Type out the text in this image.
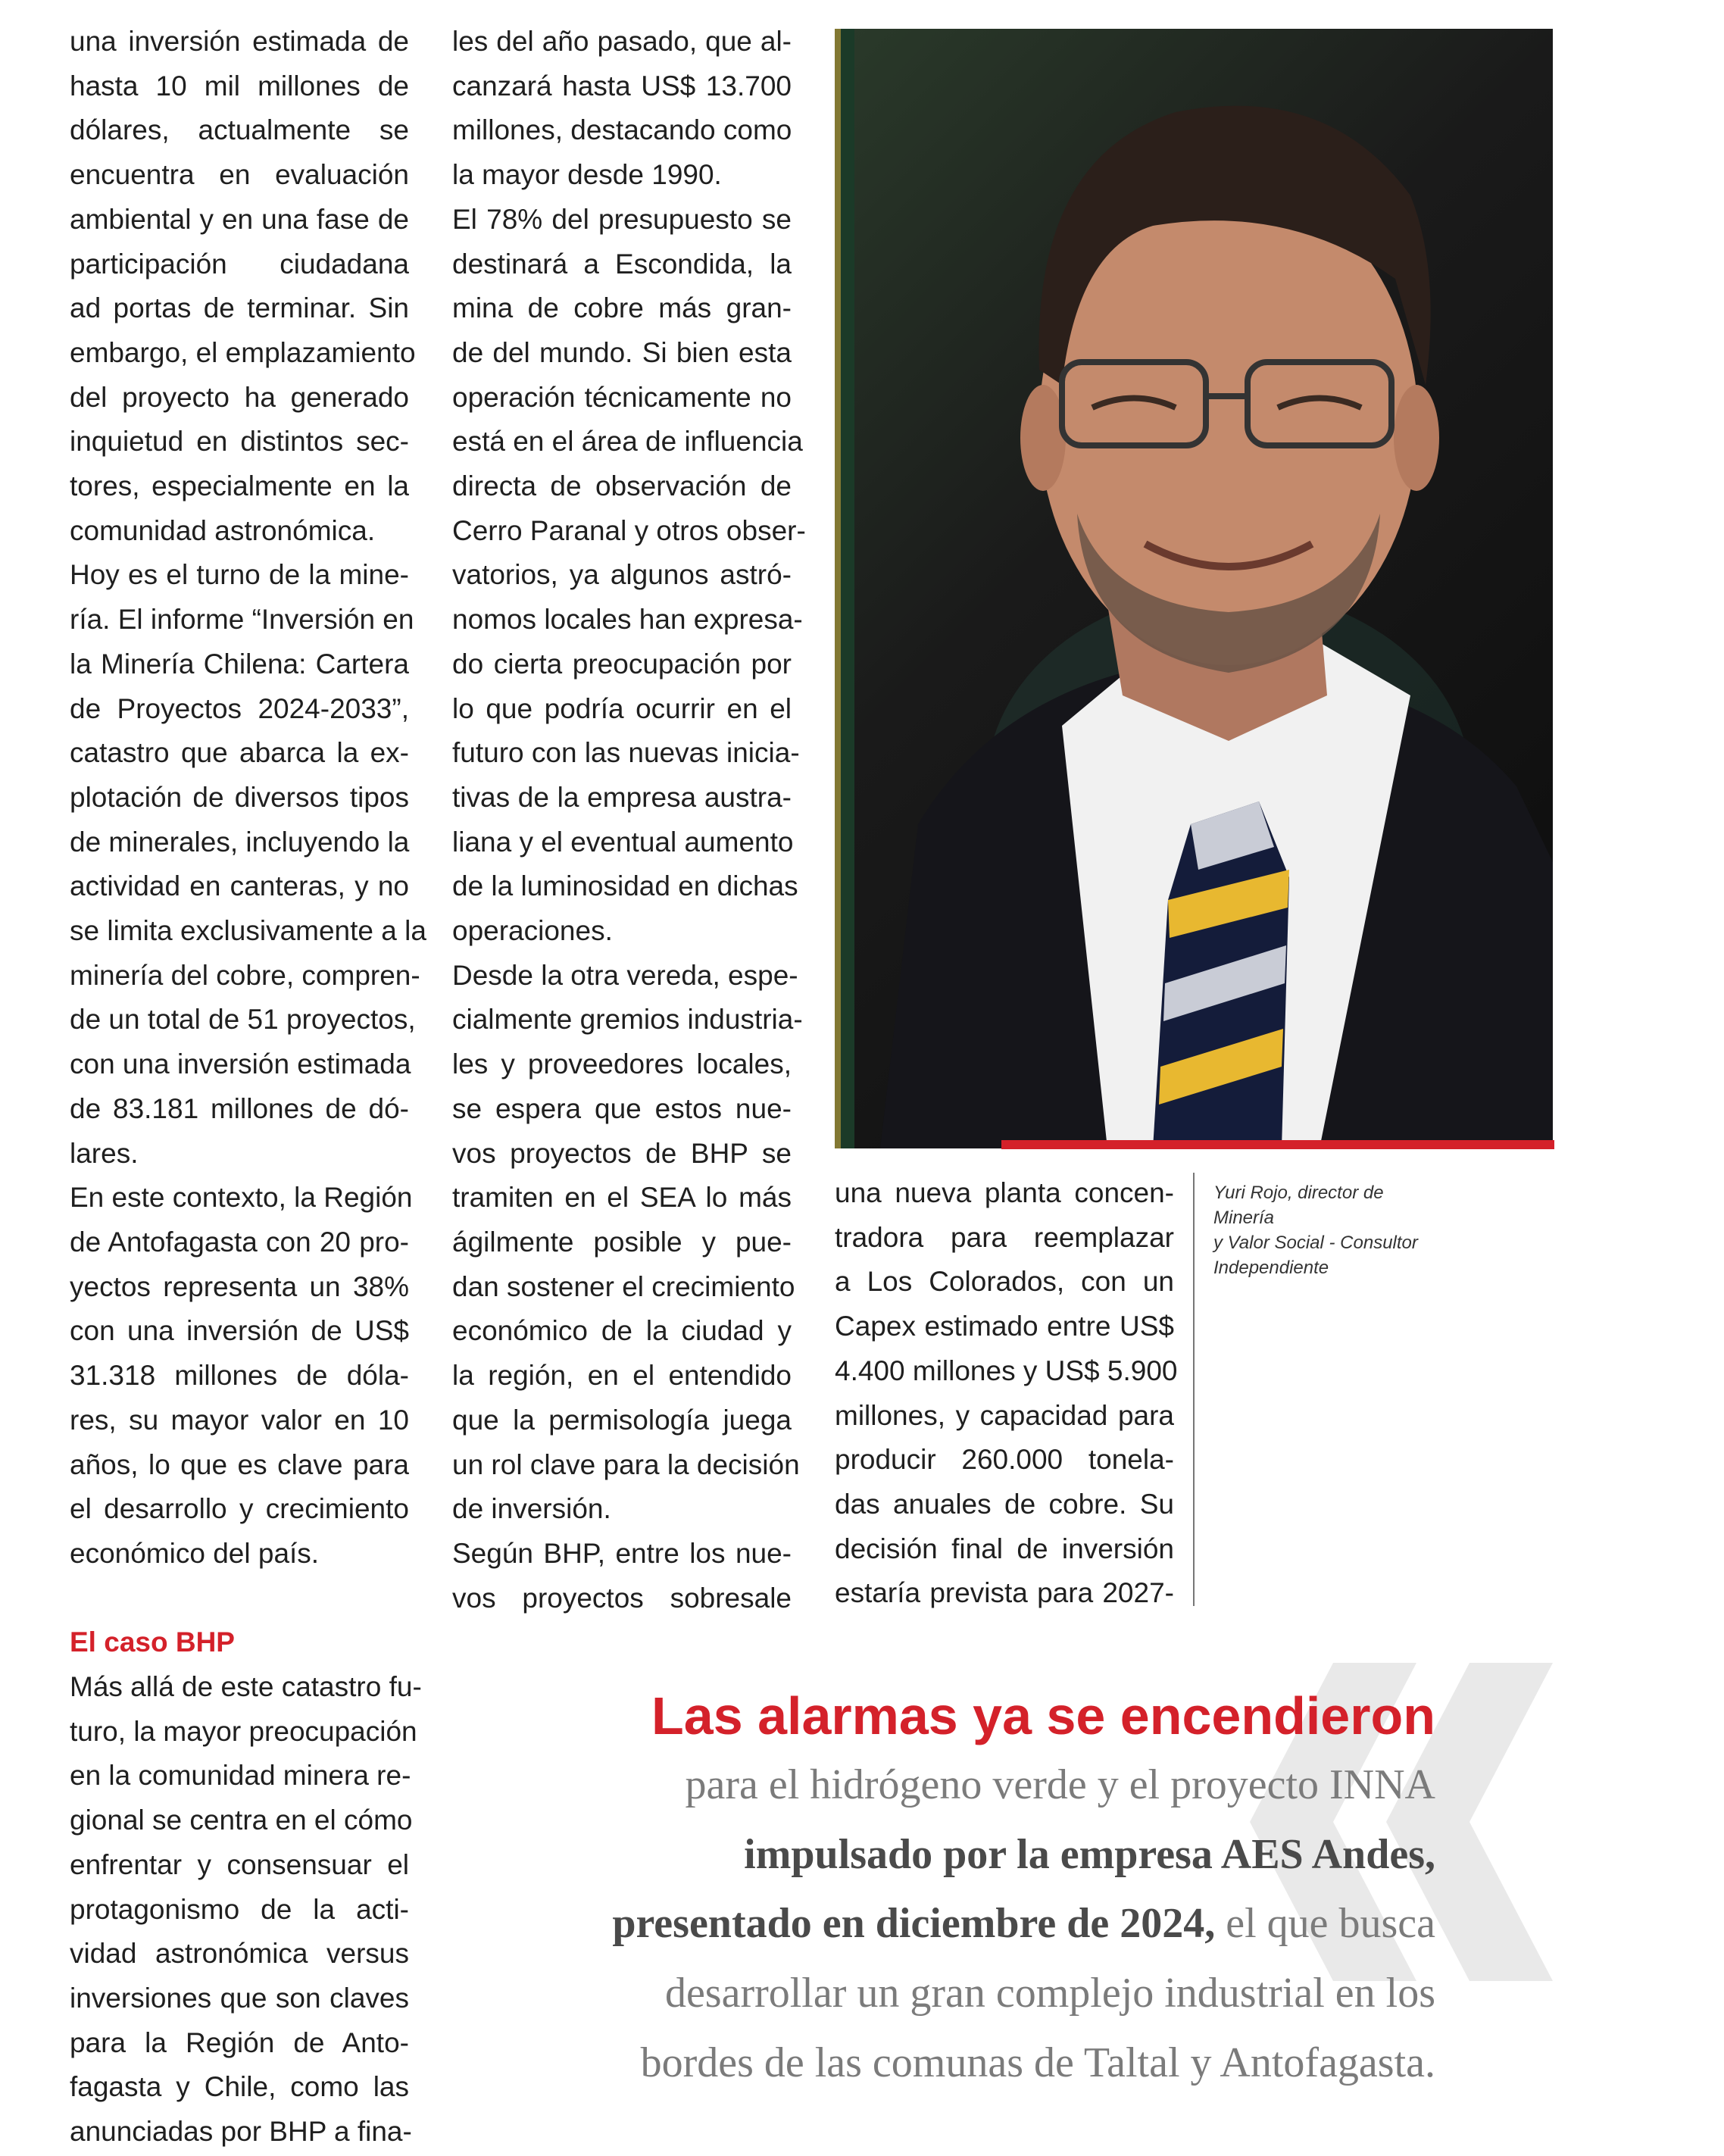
una inversión estimada de
hasta 10 mil millones de
dólares, actualmente se
encuentra en evaluación
ambiental y en una fase de
participación ciudadana
ad portas de terminar. Sin
embargo, el emplazamiento
del proyecto ha generado
inquietud en distintos sec-
tores, especialmente en la
comunidad astronómica.
Hoy es el turno de la mine-
ría. El informe “Inversión en
la Minería Chilena: Cartera
de Proyectos 2024-2033”,
catastro que abarca la ex-
plotación de diversos tipos
de minerales, incluyendo la
actividad en canteras, y no
se limita exclusivamente a la
minería del cobre, compren-
de un total de 51 proyectos,
con una inversión estimada
de 83.181 millones de dó-
lares.
En este contexto, la Región
de Antofagasta con 20 pro-
yectos representa un 38%
con una inversión de US$
31.318 millones de dóla-
res, su mayor valor en 10
años, lo que es clave para
el desarrollo y crecimiento
económico del país.
El caso BHP
Más allá de este catastro fu-
turo, la mayor preocupación
en la comunidad minera re-
gional se centra en el cómo
enfrentar y consensuar el
protagonismo de la acti-
vidad astronómica versus
inversiones que son claves
para la Región de Anto-
fagasta y Chile, como las
anunciadas por BHP a fina-
les del año pasado, que al-
canzará hasta US$ 13.700
millones, destacando como
la mayor desde 1990.
El 78% del presupuesto se
destinará a Escondida, la
mina de cobre más gran-
de del mundo. Si bien esta
operación técnicamente no
está en el área de influencia
directa de observación de
Cerro Paranal y otros obser-
vatorios, ya algunos astró-
nomos locales han expresa-
do cierta preocupación por
lo que podría ocurrir en el
futuro con las nuevas inicia-
tivas de la empresa austra-
liana y el eventual aumento
de la luminosidad en dichas
operaciones.
Desde la otra vereda, espe-
cialmente gremios industria-
les y proveedores locales,
se espera que estos nue-
vos proyectos de BHP se
tramiten en el SEA lo más
ágilmente posible y pue-
dan sostener el crecimiento
económico de la ciudad y
la región, en el entendido
que la permisología juega
un rol clave para la decisión
de inversión.
Según BHP, entre los nue-
vos proyectos sobresale
una nueva planta concen-
tradora para reemplazar
a Los Colorados, con un
Capex estimado entre US$
4.400 millones y US$ 5.900
millones, y capacidad para
producir 260.000 tonela-
das anuales de cobre. Su
decisión final de inversión
estaría prevista para 2027-
Yuri Rojo, director de Minería
y Valor Social - Consultor
Independiente
Las alarmas ya se encendieron
para el hidrógeno verde y el proyecto INNA
impulsado por la empresa AES Andes,
presentado en diciembre de 2024, el que busca
desarrollar un gran complejo industrial en los
bordes de las comunas de Taltal y Antofagasta.
